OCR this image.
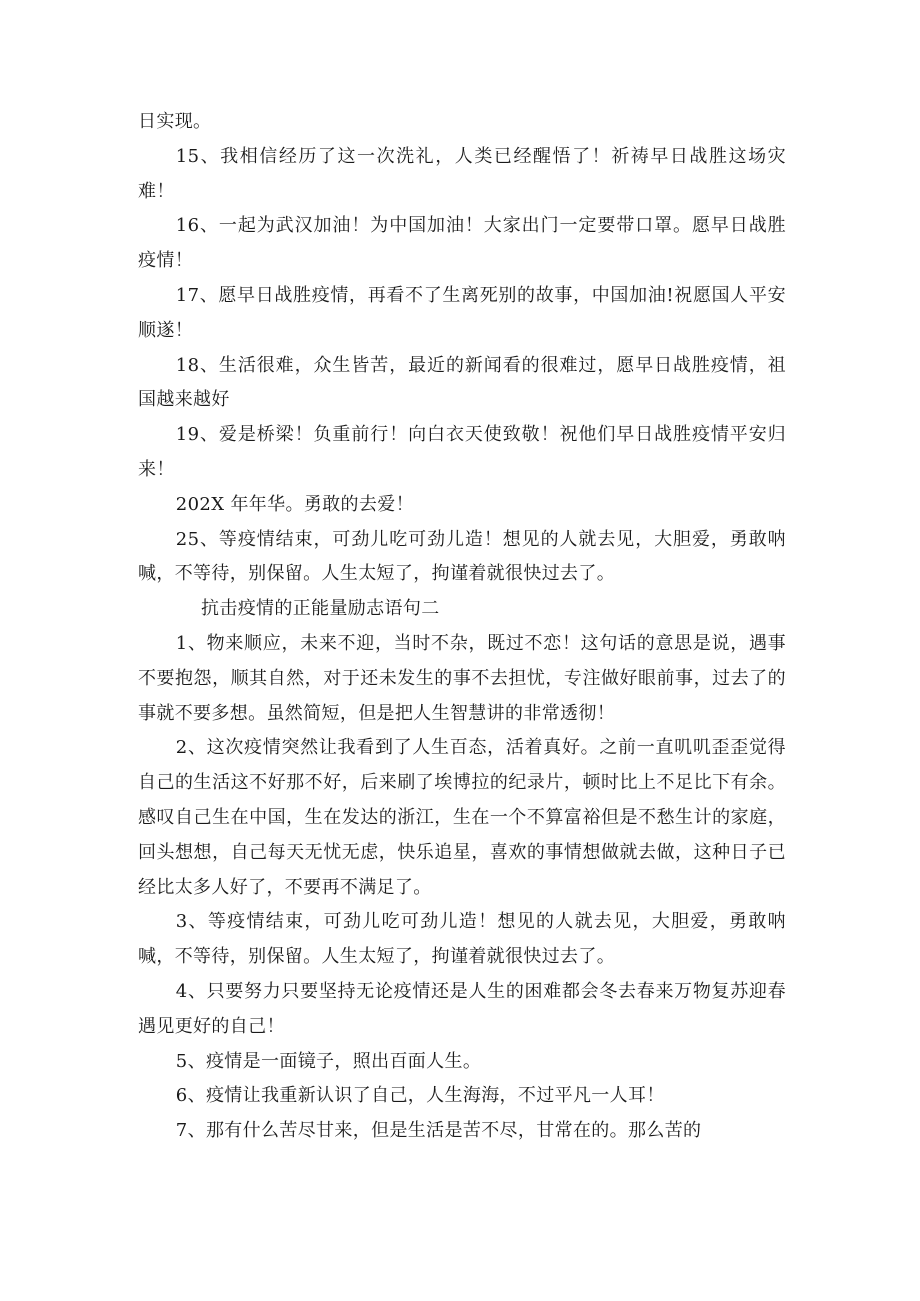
日实现。

15、我相信经历了这一次洗礼，人类已经醒悟了！祈祷早日战胜这场灾难！

16、一起为武汉加油！为中国加油！大家出门一定要带口罩。愿早日战胜疫情！

17、愿早日战胜疫情，再看不了生离死别的故事，中国加油!祝愿国人平安顺遂！

18、生活很难，众生皆苦，最近的新闻看的很难过，愿早日战胜疫情，祖国越来越好

19、爱是桥梁！负重前行！向白衣天使致敬！祝他们早日战胜疫情平安归来！

202X 年年华。勇敢的去爱！

25、等疫情结束，可劲儿吃可劲儿造！想见的人就去见，大胆爱，勇敢呐喊，不等待，别保留。人生太短了，拘谨着就很快过去了。

抗击疫情的正能量励志语句二

1、物来顺应，未来不迎，当时不杂，既过不恋！这句话的意思是说，遇事不要抱怨，顺其自然，对于还未发生的事不去担忧，专注做好眼前事，过去了的事就不要多想。虽然简短，但是把人生智慧讲的非常透彻！

2、这次疫情突然让我看到了人生百态，活着真好。之前一直叽叽歪歪觉得自己的生活这不好那不好，后来刷了埃博拉的纪录片，顿时比上不足比下有余。感叹自己生在中国，生在发达的浙江，生在一个不算富裕但是不愁生计的家庭，回头想想，自己每天无忧无虑，快乐追星，喜欢的事情想做就去做，这种日子已经比太多人好了，不要再不满足了。

3、等疫情结束，可劲儿吃可劲儿造！想见的人就去见，大胆爱，勇敢呐喊，不等待，别保留。人生太短了，拘谨着就很快过去了。

4、只要努力只要坚持无论疫情还是人生的困难都会冬去春来万物复苏迎春遇见更好的自己！

5、疫情是一面镜子，照出百面人生。

6、疫情让我重新认识了自己，人生海海，不过平凡一人耳！

7、那有什么苦尽甘来，但是生活是苦不尽，甘常在的。那么苦的
